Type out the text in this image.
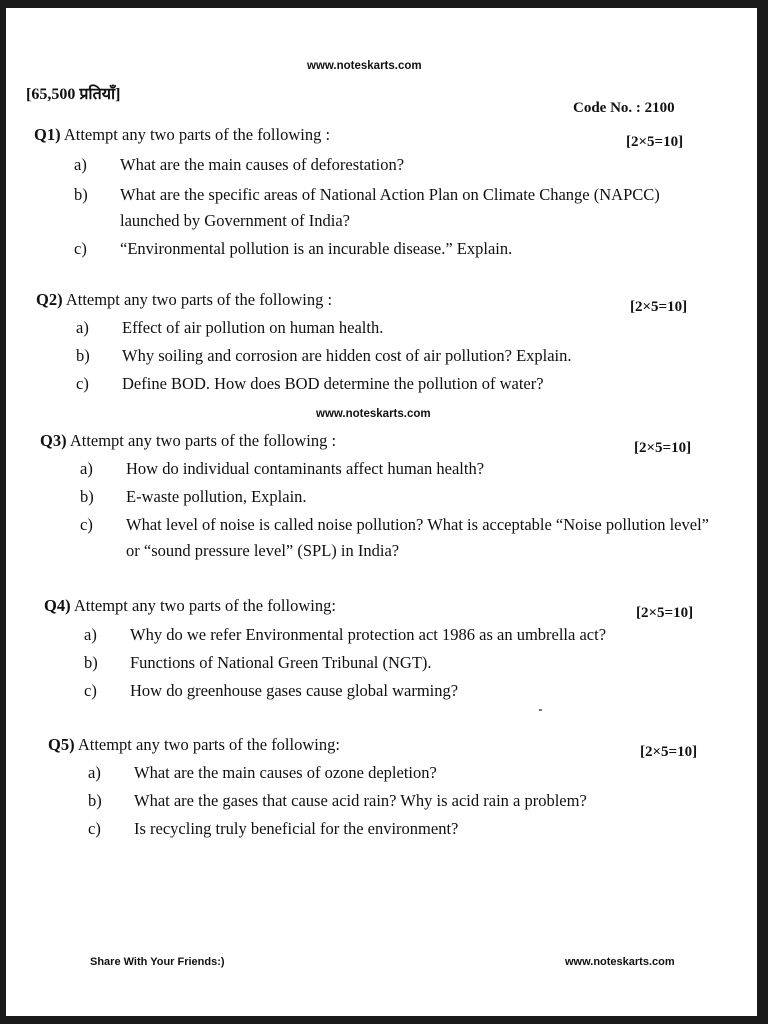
www.noteskarts.com
[65,500 प्रतियाँ]
Code No. : 2100
Q1) Attempt any two parts of the following :	[2×5=10]
a) What are the main causes of deforestation?
b) What are the specific areas of National Action Plan on Climate Change (NAPCC) launched by Government of India?
c) “Environmental pollution is an incurable disease.” Explain.
Q2) Attempt any two parts of the following :	[2×5=10]
a) Effect of air pollution on human health.
b) Why soiling and corrosion are hidden cost of air pollution? Explain.
c) Define BOD. How does BOD determine the pollution of water?
www.noteskarts.com
Q3) Attempt any two parts of the following :	[2×5=10]
a) How do individual contaminants affect human health?
b) E-waste pollution, Explain.
c) What level of noise is called noise pollution? What is acceptable “Noise pollution level” or “sound pressure level” (SPL) in India?
Q4) Attempt any two parts of the following:	[2×5=10]
a) Why do we refer Environmental protection act 1986 as an umbrella act?
b) Functions of National Green Tribunal (NGT).
c) How do greenhouse gases cause global warming?
Q5) Attempt any two parts of the following:	[2×5=10]
a) What are the main causes of ozone depletion?
b) What are the gases that cause acid rain? Why is acid rain a problem?
c) Is recycling truly beneficial for the environment?
Share With Your Friends:)	www.noteskarts.com
